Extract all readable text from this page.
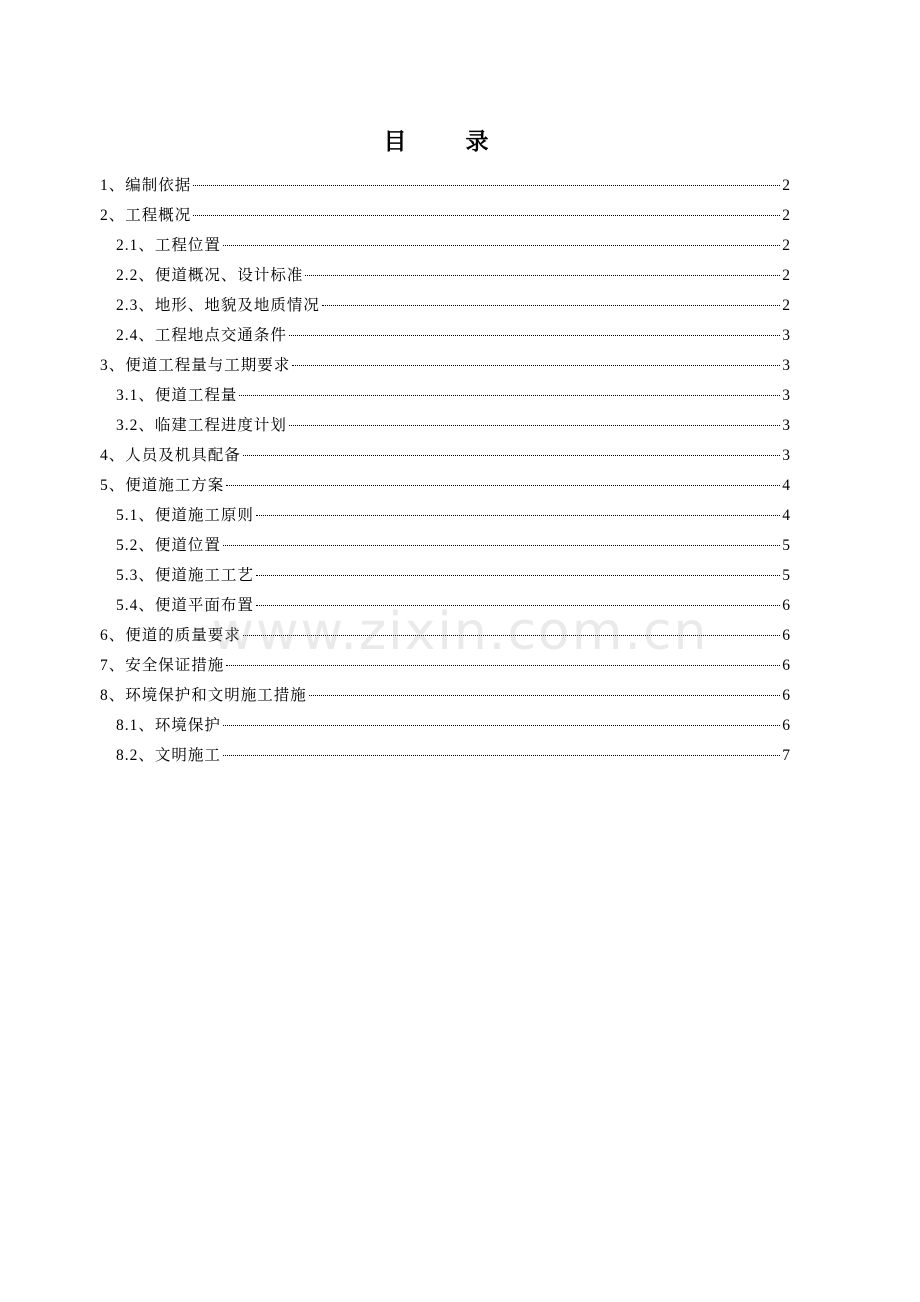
目　录
1、编制依据	2
2、工程概况	2
2.1、工程位置	2
2.2、便道概况、设计标准	2
2.3、地形、地貌及地质情况	2
2.4、工程地点交通条件	3
3、便道工程量与工期要求	3
3.1、便道工程量	3
3.2、临建工程进度计划	3
4、人员及机具配备	3
5、便道施工方案	4
5.1、便道施工原则	4
5.2、便道位置	5
5.3、便道施工工艺	5
5.4、便道平面布置	6
6、便道的质量要求	6
7、安全保证措施	6
8、环境保护和文明施工措施	6
8.1、环境保护	6
8.2、文明施工	7
www.zixin.com.cn
